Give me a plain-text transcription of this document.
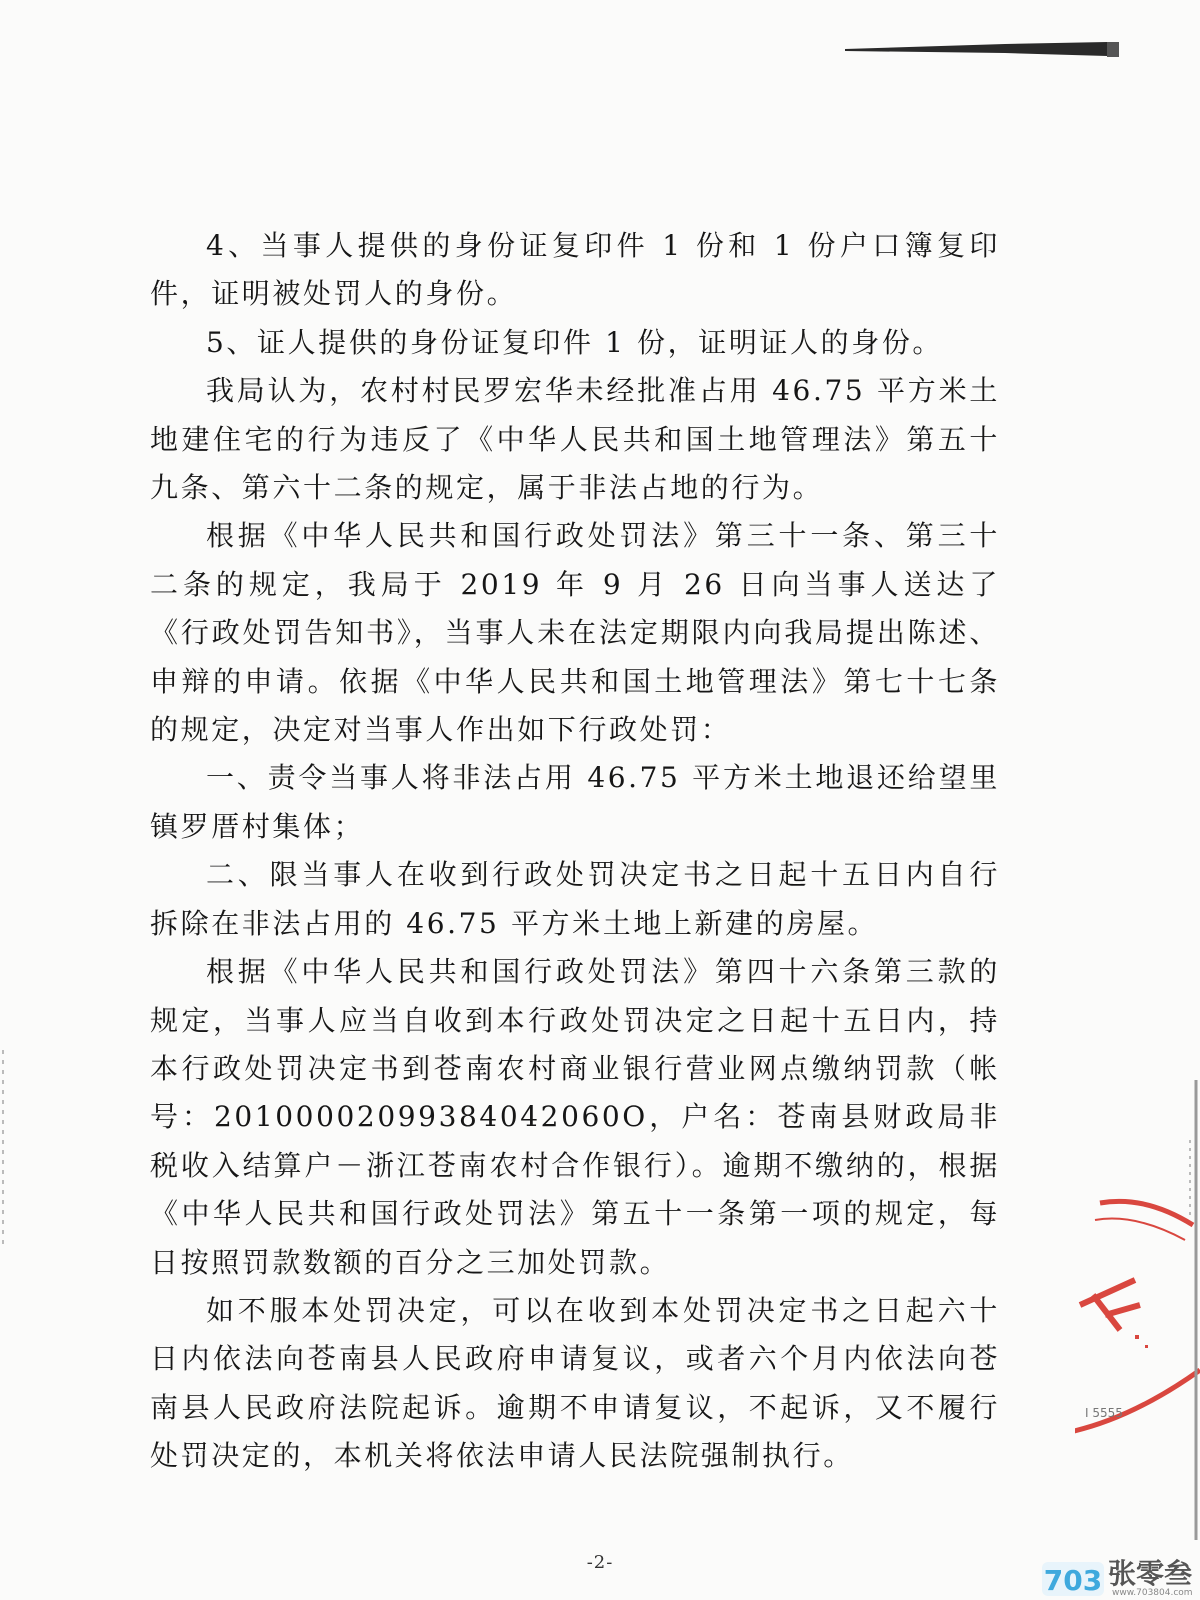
4、当事人提供的身份证复印件 1 份和 1 份户口簿复印件，证明被处罚人的身份。

5、证人提供的身份证复印件 1 份，证明证人的身份。

我局认为，农村村民罗宏华未经批准占用 46.75 平方米土地建住宅的行为违反了《中华人民共和国土地管理法》第五十九条、第六十二条的规定，属于非法占地的行为。

根据《中华人民共和国行政处罚法》第三十一条、第三十二条的规定，我局于 2019 年 9 月 26 日向当事人送达了《行政处罚告知书》，当事人未在法定期限内向我局提出陈述、申辩的申请。依据《中华人民共和国土地管理法》第七十七条的规定，决定对当事人作出如下行政处罚：

一、责令当事人将非法占用 46.75 平方米土地退还给望里镇罗厝村集体；

二、限当事人在收到行政处罚决定书之日起十五日内自行拆除在非法占用的 46.75 平方米土地上新建的房屋。

根据《中华人民共和国行政处罚法》第四十六条第三款的规定，当事人应当自收到本行政处罚决定之日起十五日内，持本行政处罚决定书到苍南农村商业银行营业网点缴纳罚款（帐号：20100002099384042060O，户名：苍南县财政局非税收入结算户－浙江苍南农村合作银行）。逾期不缴纳的，根据《中华人民共和国行政处罚法》第五十一条第一项的规定，每日按照罚款数额的百分之三加处罚款。

如不服本处罚决定，可以在收到本处罚决定书之日起六十日内依法向苍南县人民政府申请复议，或者六个月内依法向苍南县人民政府法院起诉。逾期不申请复议，不起诉，又不履行处罚决定的，本机关将依法申请人民法院强制执行。

-2-
I 5555
703 张零叁
www.703804.com
